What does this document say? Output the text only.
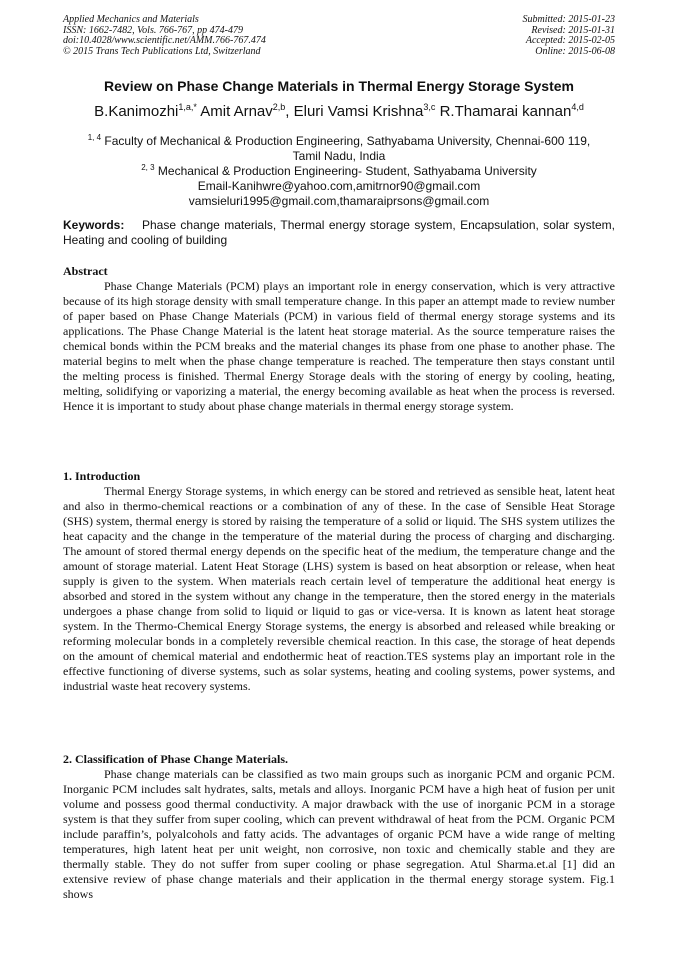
Applied Mechanics and Materials	Submitted: 2015-01-23
ISSN: 1662-7482, Vols. 766-767, pp 474-479	Revised: 2015-01-31
doi:10.4028/www.scientific.net/AMM.766-767.474	Accepted: 2015-02-05
© 2015 Trans Tech Publications Ltd, Switzerland	Online: 2015-06-08
Review on Phase Change Materials in Thermal Energy Storage System
B.Kanimozhi$^{1,a,*}$ Amit Arnav$^{2,b}$, Eluri Vamsi Krishna$^{3,c}$ R.Thamarai kannan$^{4,d}$
$^{1, 4}$ Faculty of Mechanical & Production Engineering, Sathyabama University, Chennai-600 119,
Tamil Nadu, India
$^{2, 3}$ Mechanical & Production Engineering- Student, Sathyabama University
Email-Kanihwre@yahoo.com,amitrnor90@gmail.com
vamsieluri1995@gmail.com,thamaraiprsons@gmail.com
Keywords: Phase change materials, Thermal energy storage system, Encapsulation, solar system, Heating and cooling of building
Abstract

Phase Change Materials (PCM) plays an important role in energy conservation, which is very attractive because of its high storage density with small temperature change. In this paper an attempt made to review number of paper based on Phase Change Materials (PCM) in various field of thermal energy storage systems and its applications. The Phase Change Material is the latent heat storage material. As the source temperature raises the chemical bonds within the PCM breaks and the material changes its phase from one phase to another phase. The material begins to melt when the phase change temperature is reached. The temperature then stays constant until the melting process is finished. Thermal Energy Storage deals with the storing of energy by cooling, heating, melting, solidifying or vaporizing a material, the energy becoming available as heat when the process is reversed. Hence it is important to study about phase change materials in thermal energy storage system.

1. Introduction

Thermal Energy Storage systems, in which energy can be stored and retrieved as sensible heat, latent heat and also in thermo-chemical reactions or a combination of any of these. In the case of Sensible Heat Storage (SHS) system, thermal energy is stored by raising the temperature of a solid or liquid. The SHS system utilizes the heat capacity and the change in the temperature of the material during the process of charging and discharging. The amount of stored thermal energy depends on the specific heat of the medium, the temperature change and the amount of storage material. Latent Heat Storage (LHS) system is based on heat absorption or release, when heat supply is given to the system. When materials reach certain level of temperature the additional heat energy is absorbed and stored in the system without any change in the temperature, then the stored energy in the materials undergoes a phase change from solid to liquid or liquid to gas or vice-versa. It is known as latent heat storage system. In the Thermo-Chemical Energy Storage systems, the energy is absorbed and released while breaking or reforming molecular bonds in a completely reversible chemical reaction. In this case, the storage of heat depends on the amount of chemical material and endothermic heat of reaction.TES systems play an important role in the effective functioning of diverse systems, such as solar systems, heating and cooling systems, power systems, and industrial waste heat recovery systems.

2. Classification of Phase Change Materials.

Phase change materials can be classified as two main groups such as inorganic PCM and organic PCM. Inorganic PCM includes salt hydrates, salts, metals and alloys. Inorganic PCM have a high heat of fusion per unit volume and possess good thermal conductivity. A major drawback with the use of inorganic PCM in a storage system is that they suffer from super cooling, which can prevent withdrawal of heat from the PCM. Organic PCM include paraffin’s, polyalcohols and fatty acids. The advantages of organic PCM have a wide range of melting temperatures, high latent heat per unit weight, non corrosive, non toxic and chemically stable and they are thermally stable. They do not suffer from super cooling or phase segregation. Atul Sharma.et.al [1] did an extensive review of phase change materials and their application in the thermal energy storage system. Fig.1 shows
